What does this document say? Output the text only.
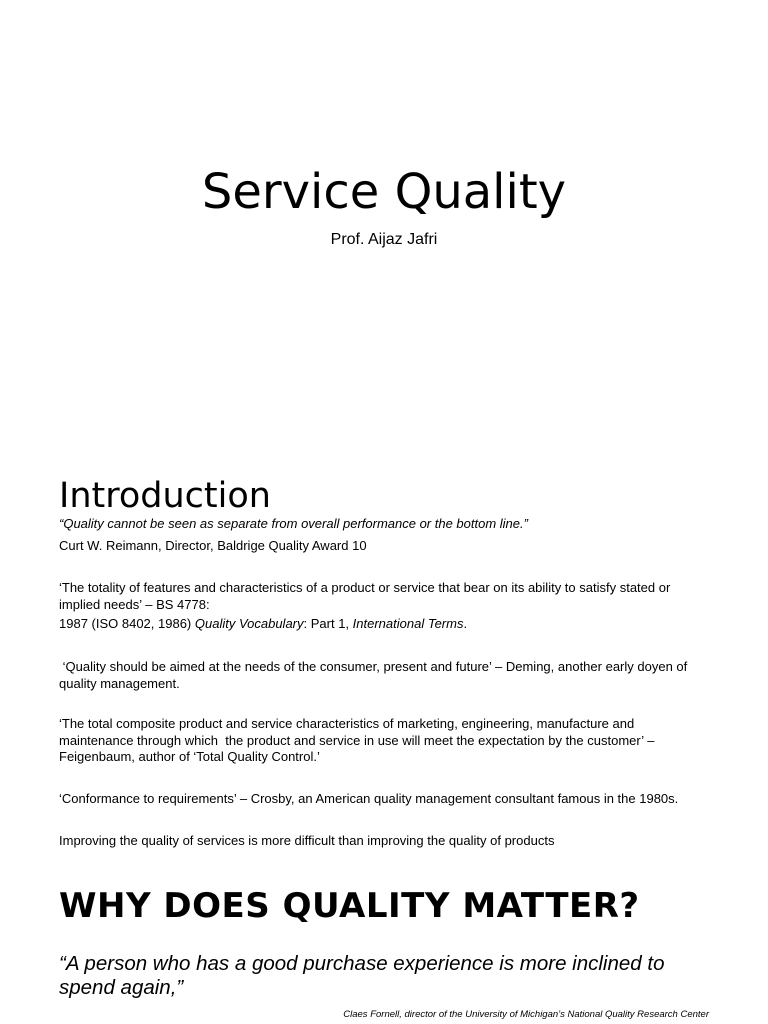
Service Quality
Prof. Aijaz Jafri
Introduction

“Quality cannot be seen as separate from overall performance or the bottom line.”

Curt W. Reimann, Director, Baldrige Quality Award 10

‘The totality of features and characteristics of a product or service that bear on its ability to satisfy stated or implied needs’ – BS 4778:

1987 (ISO 8402, 1986) Quality Vocabulary: Part 1, International Terms.

‘Quality should be aimed at the needs of the consumer, present and future’ – Deming, another early doyen of quality management.

‘The total composite product and service characteristics of marketing, engineering, manufacture and maintenance through which  the product and service in use will meet the expectation by the customer’ – Feigenbaum, author of ‘Total Quality Control.’

‘Conformance to requirements’ – Crosby, an American quality management consultant famous in the 1980s.

Improving the quality of services is more difficult than improving the quality of products

WHY DOES QUALITY MATTER?
“A person who has a good purchase experience is more inclined to spend again,”
Claes Fornell, director of the University of Michigan’s National Quality Research Center
